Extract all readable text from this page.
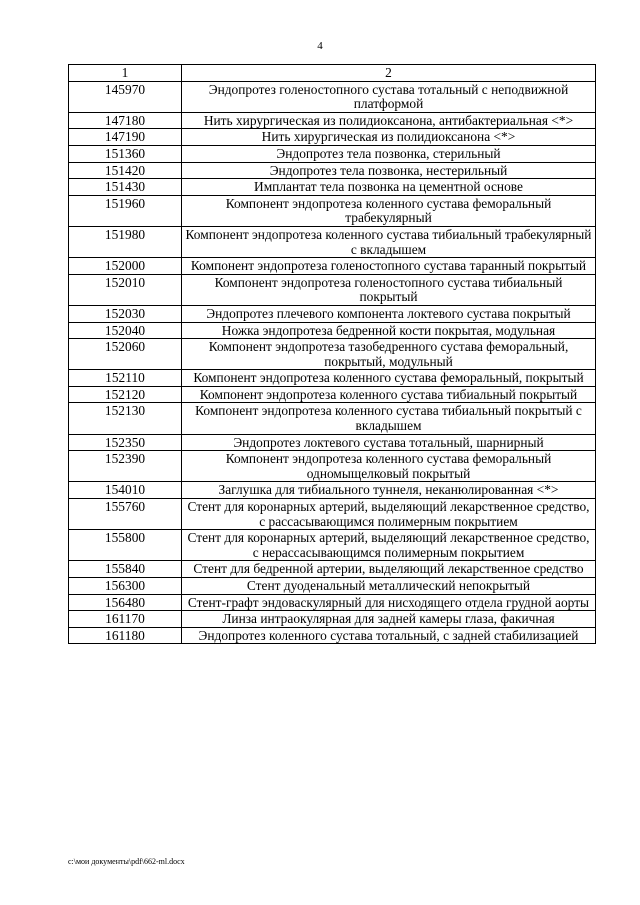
4
1	2
145970	Эндопротез голеностопного сустава тотальный с неподвижной платформой
147180	Нить хирургическая из полидиоксанона, антибактериальная <*>
147190	Нить хирургическая из полидиоксанона <*>
151360	Эндопротез тела позвонка, стерильный
151420	Эндопротез тела позвонка, нестерильный
151430	Имплантат тела позвонка на цементной основе
151960	Компонент эндопротеза коленного сустава феморальный трабекулярный
151980	Компонент эндопротеза коленного сустава тибиальный трабекулярный с вкладышем
152000	Компонент эндопротеза голеностопного сустава таранный покрытый
152010	Компонент эндопротеза голеностопного сустава тибиальный покрытый
152030	Эндопротез плечевого компонента локтевого сустава покрытый
152040	Ножка эндопротеза бедренной кости покрытая, модульная
152060	Компонент эндопротеза тазобедренного сустава феморальный, покрытый, модульный
152110	Компонент эндопротеза коленного сустава феморальный, покрытый
152120	Компонент эндопротеза коленного сустава тибиальный покрытый
152130	Компонент эндопротеза коленного сустава тибиальный покрытый с вкладышем
152350	Эндопротез локтевого сустава тотальный, шарнирный
152390	Компонент эндопротеза коленного сустава феморальный одномыщелковый покрытый
154010	Заглушка для тибиального туннеля, неканюлированная <*>
155760	Стент для коронарных артерий, выделяющий лекарственное средство, с рассасывающимся полимерным покрытием
155800	Стент для коронарных артерий, выделяющий лекарственное средство, с нерассасывающимся полимерным покрытием
155840	Стент для бедренной артерии, выделяющий лекарственное средство
156300	Стент дуоденальный металлический непокрытый
156480	Стент-графт эндоваскулярный для нисходящего отдела грудной аорты
161170	Линза интраокулярная для задней камеры глаза, факичная
161180	Эндопротез коленного сустава тотальный, с задней стабилизацией
c:\мои документы\pdf\662-ml.docx
